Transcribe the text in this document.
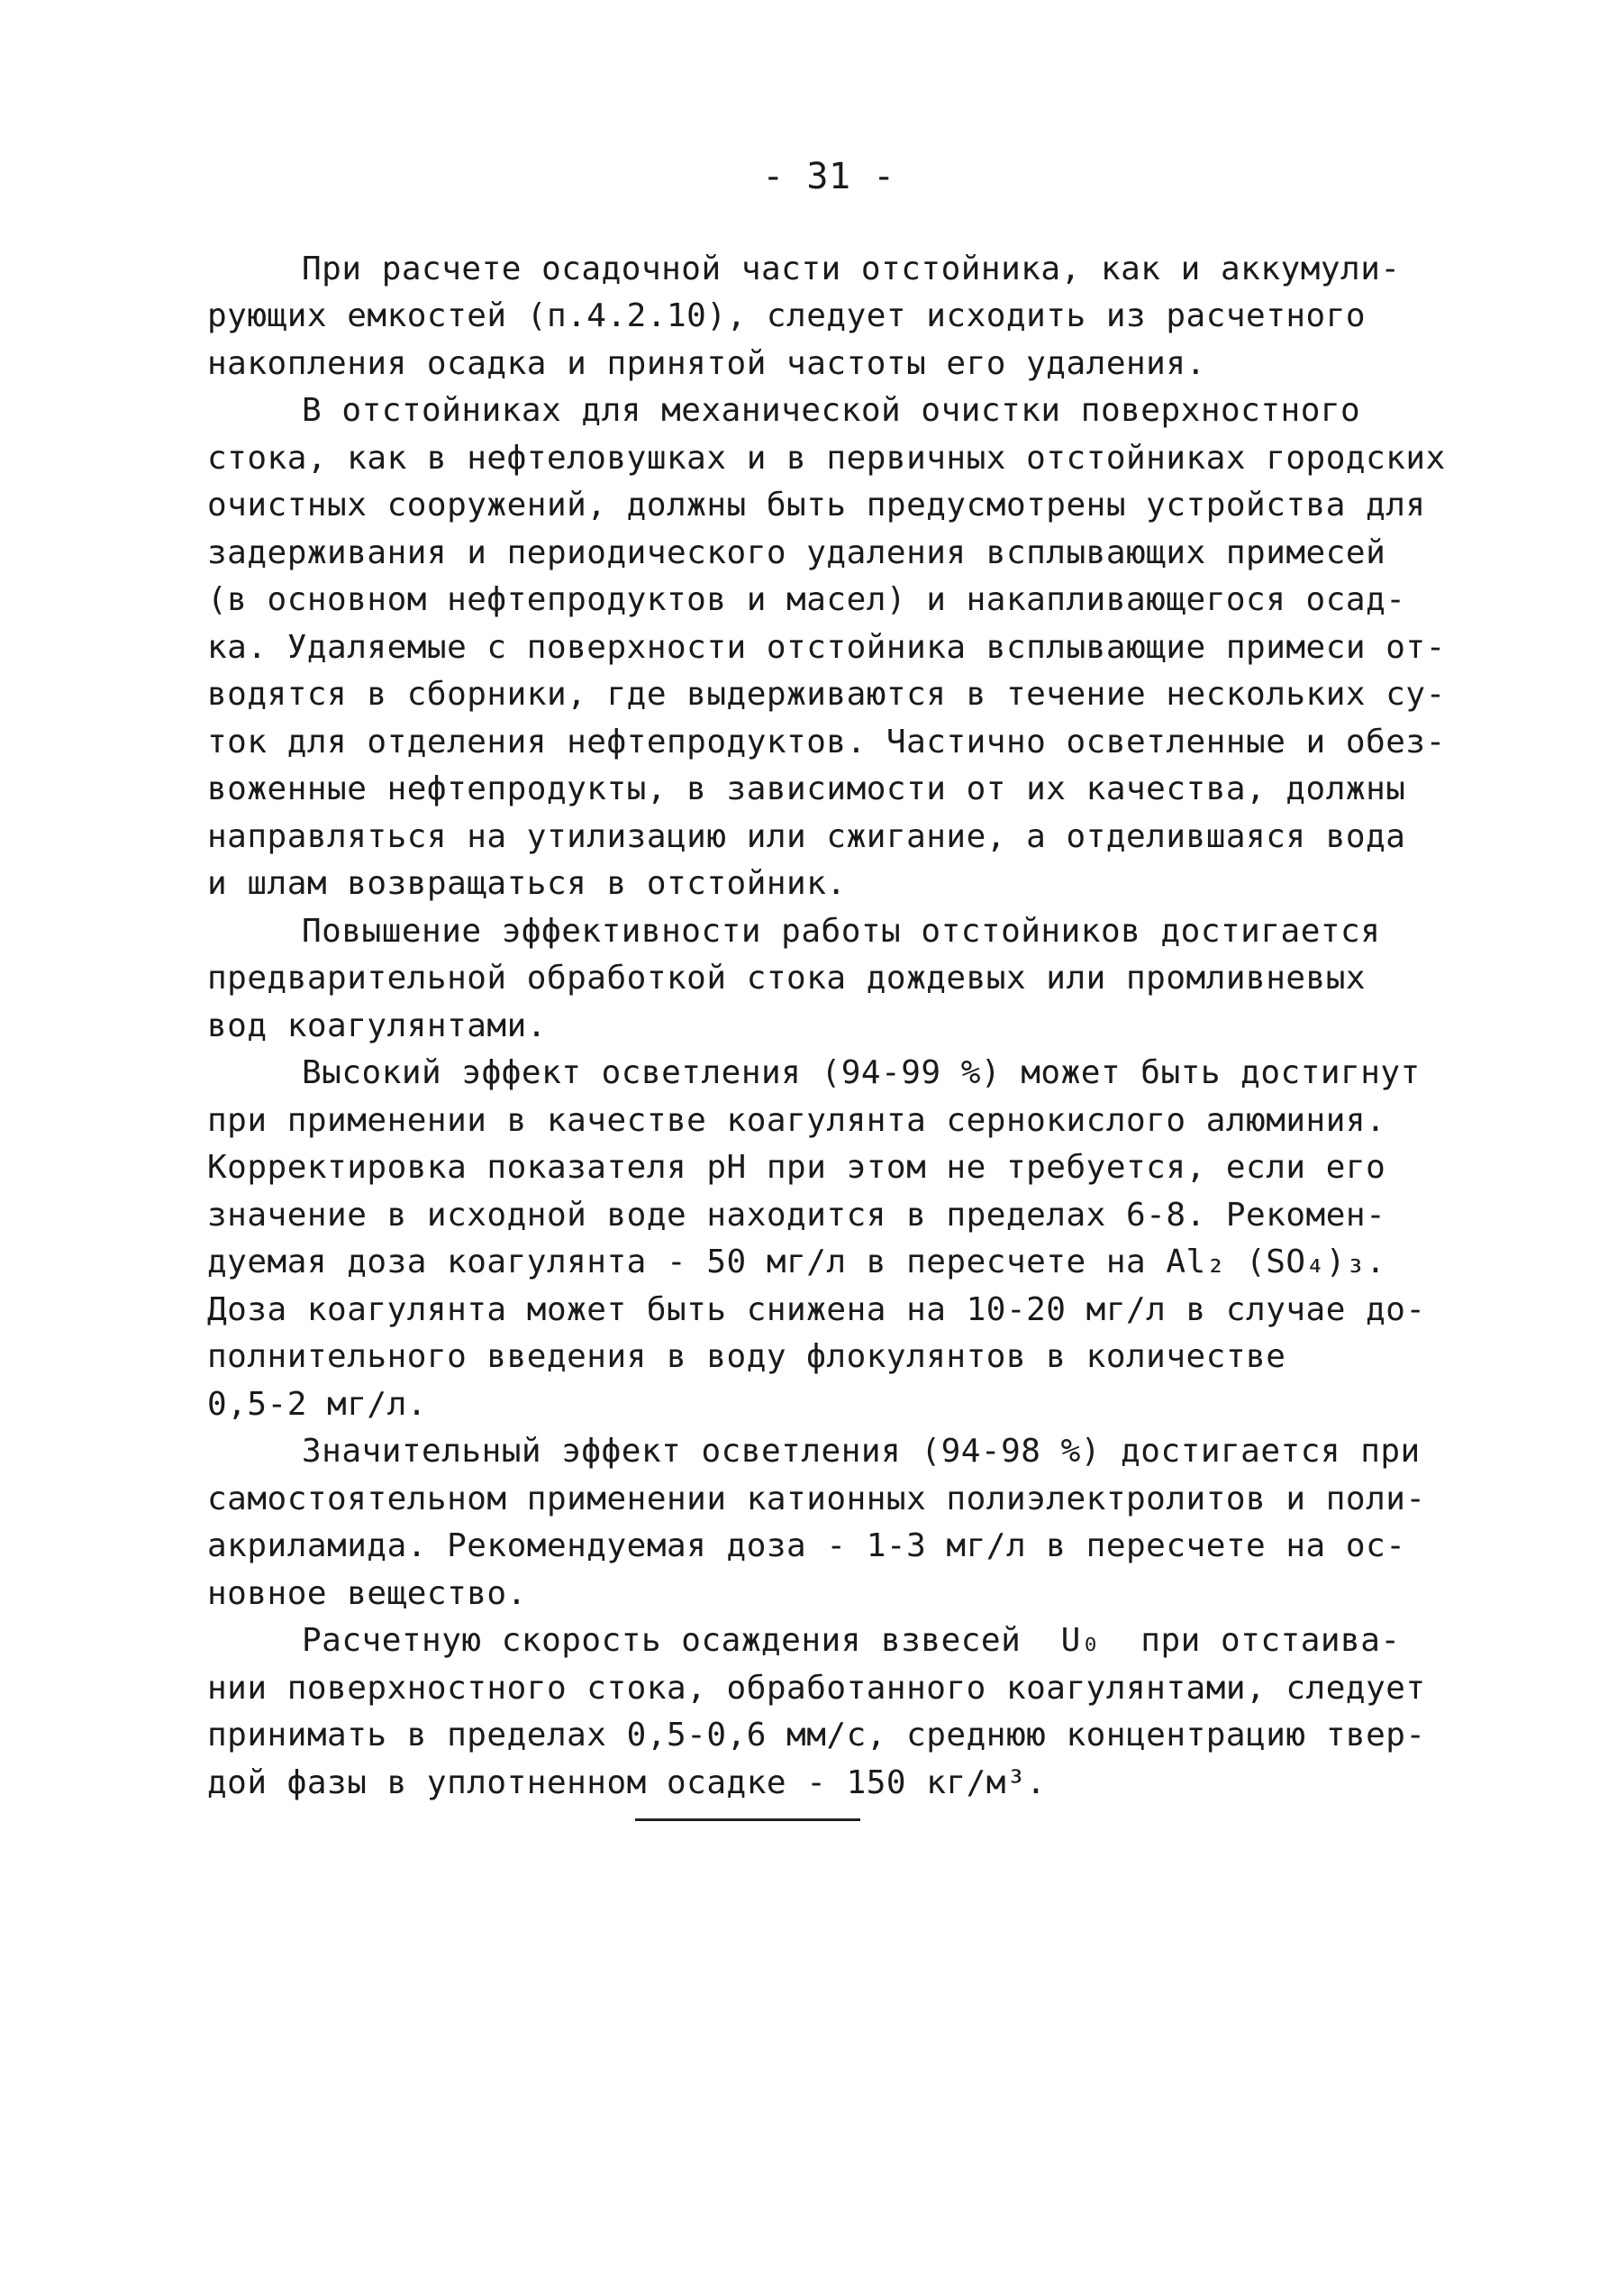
- 31 -
При расчете осадочной части отстойника, как и аккумули-
рующих емкостей (п.4.2.10), следует исходить из расчетного
накопления осадка и принятой частоты его удаления.
В отстойниках для механической очистки поверхностного
стока, как в нефтеловушках и в первичных отстойниках городских
очистных сооружений, должны быть предусмотрены устройства для
задерживания и периодического удаления всплывающих примесей
(в основном нефтепродуктов и масел) и накапливающегося осад-
ка. Удаляемые с поверхности отстойника всплывающие примеси от-
водятся в сборники, где выдерживаются в течение нескольких су-
ток для отделения нефтепродуктов. Частично осветленные и обез-
воженные нефтепродукты, в зависимости от их качества, должны
направляться на утилизацию или сжигание, а отделившаяся вода
и шлам возвращаться в отстойник.
Повышение эффективности работы отстойников достигается
предварительной обработкой стока дождевых или промливневых
вод коагулянтами.
Высокий эффект осветления (94-99 %) может быть достигнут
при применении в качестве коагулянта сернокислого алюминия.
Корректировка показателя рН при этом не требуется, если его
значение в исходной воде находится в пределах 6-8. Рекомен-
дуемая доза коагулянта - 50 мг/л в пересчете на Al₂ (SO₄)₃.
Доза коагулянта может быть снижена на 10-20 мг/л в случае до-
полнительного введения в воду флокулянтов в количестве
0,5-2 мг/л.
Значительный эффект осветления (94-98 %) достигается при
самостоятельном применении катионных полиэлектролитов и поли-
акриламида. Рекомендуемая доза - 1-3 мг/л в пересчете на ос-
новное вещество.
Расчетную скорость осаждения взвесей  U₀  при отстаива-
нии поверхностного стока, обработанного коагулянтами, следует
принимать в пределах 0,5-0,6 мм/с, среднюю концентрацию твер-
дой фазы в уплотненном осадке - 150 кг/м³.
